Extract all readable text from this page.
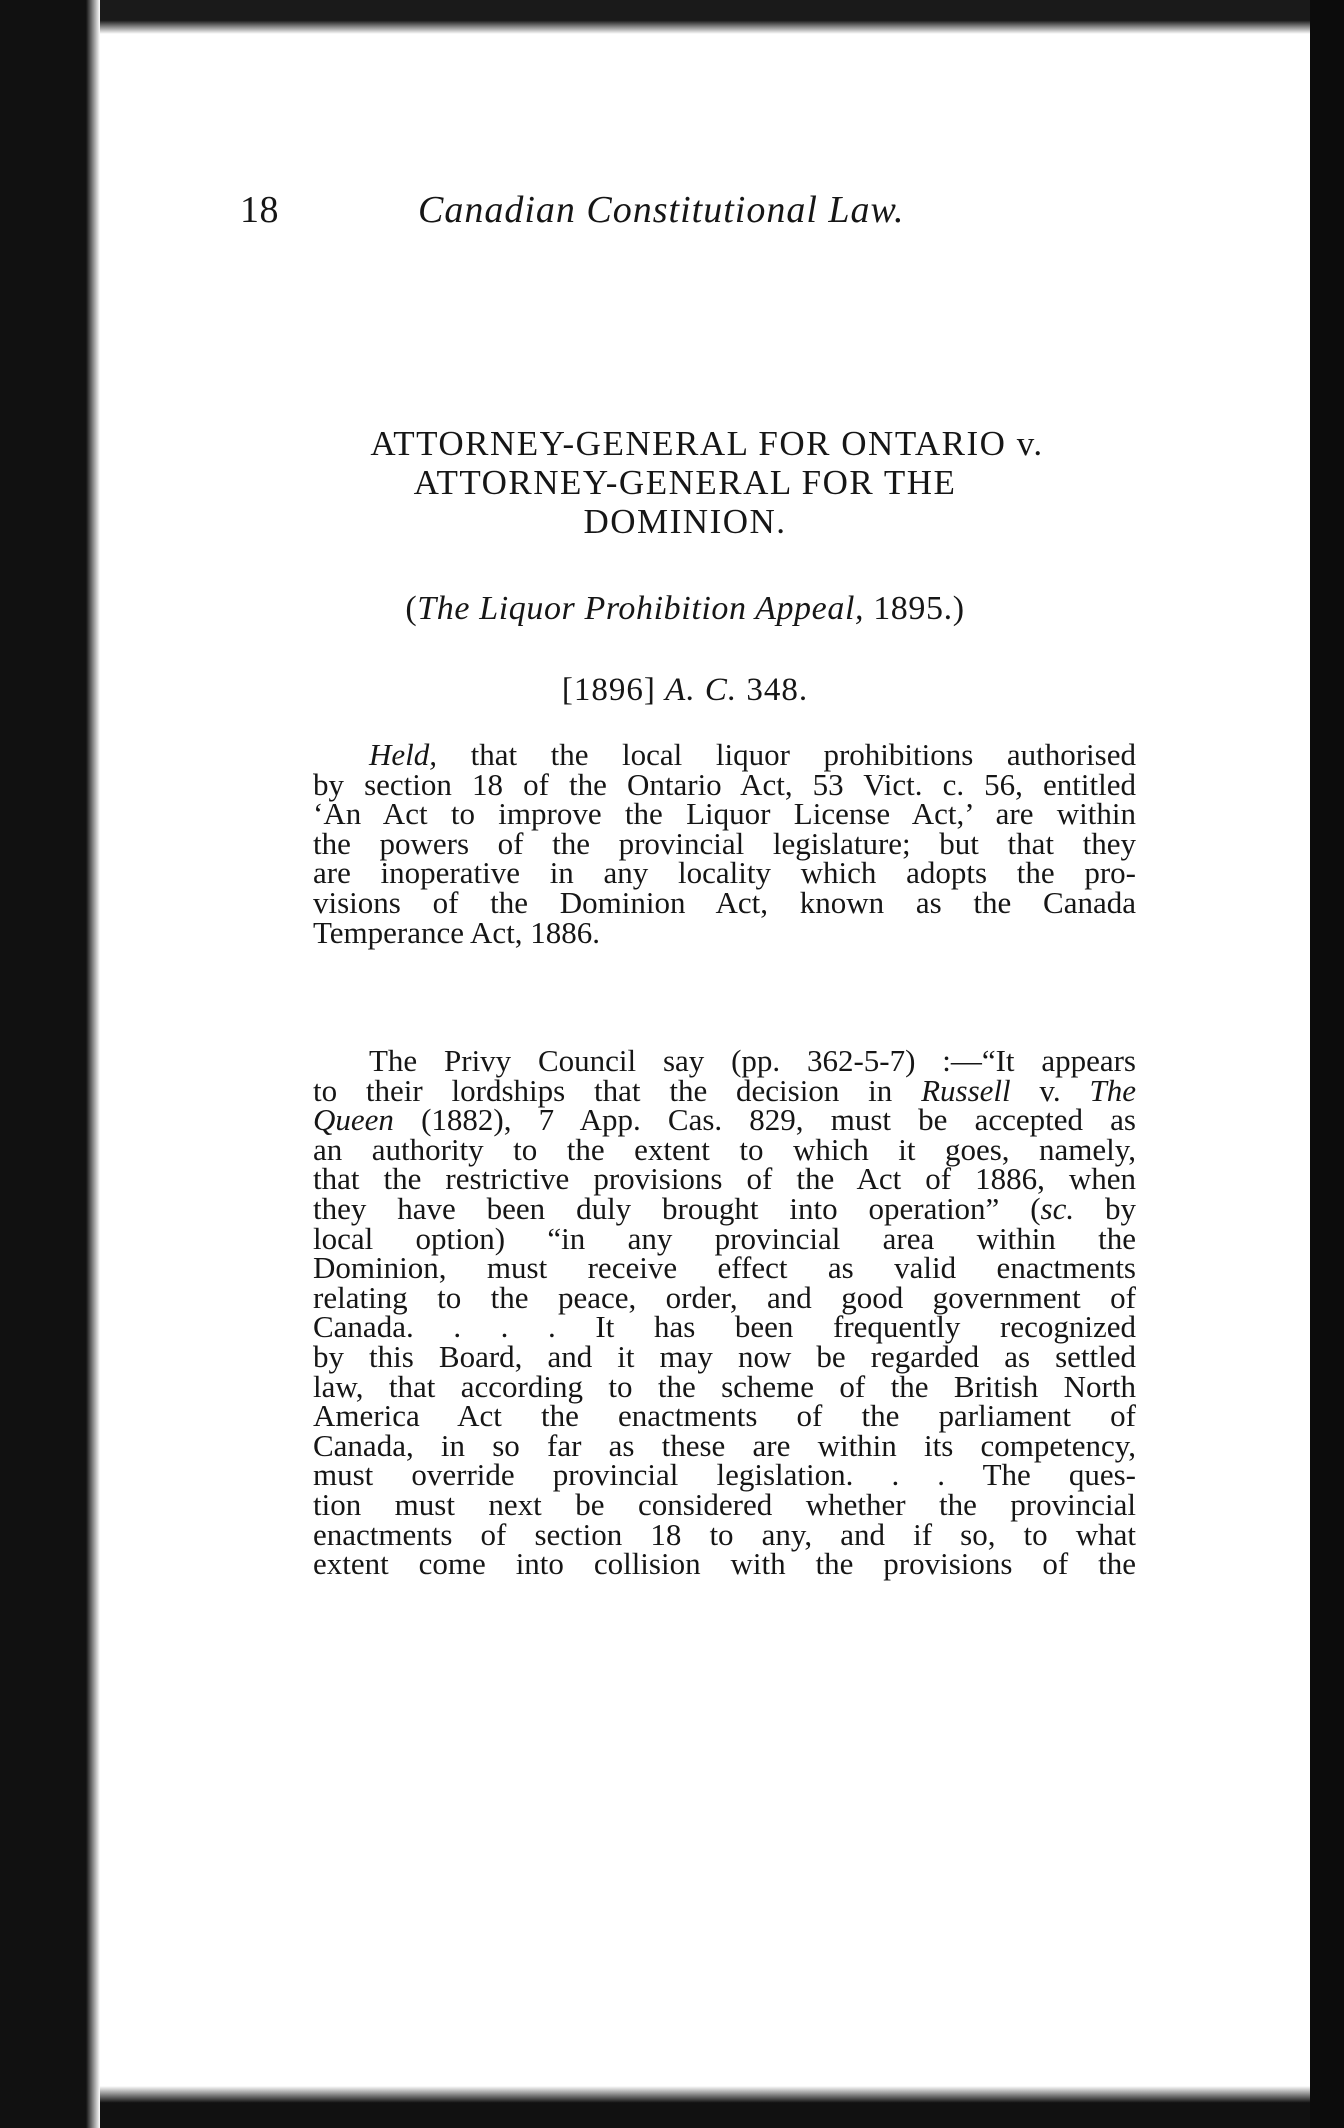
18	Canadian Constitutional Law.
ATTORNEY-GENERAL FOR ONTARIO v.
ATTORNEY-GENERAL FOR THE
DOMINION.
(The Liquor Prohibition Appeal, 1895.)
[1896] A. C. 348.
Held, that the local liquor prohibitions authorised
by section 18 of the Ontario Act, 53 Vict. c. 56, entitled
‘An Act to improve the Liquor License Act,’ are within
the powers of the provincial legislature; but that they
are inoperative in any locality which adopts the pro-
visions of the Dominion Act, known as the Canada
Temperance Act, 1886.
The Privy Council say (pp. 362-5-7) :—“It appears
to their lordships that the decision in Russell v. The
Queen (1882), 7 App. Cas. 829, must be accepted as
an authority to the extent to which it goes, namely,
that the restrictive provisions of the Act of 1886, when
they have been duly brought into operation” (sc. by
local option) “in any provincial area within the
Dominion, must receive effect as valid enactments
relating to the peace, order, and good government of
Canada. . . . It has been frequently recognized
by this Board, and it may now be regarded as settled
law, that according to the scheme of the British North
America Act the enactments of the parliament of
Canada, in so far as these are within its competency,
must override provincial legislation. . . The ques-
tion must next be considered whether the provincial
enactments of section 18 to any, and if so, to what
extent come into collision with the provisions of the
